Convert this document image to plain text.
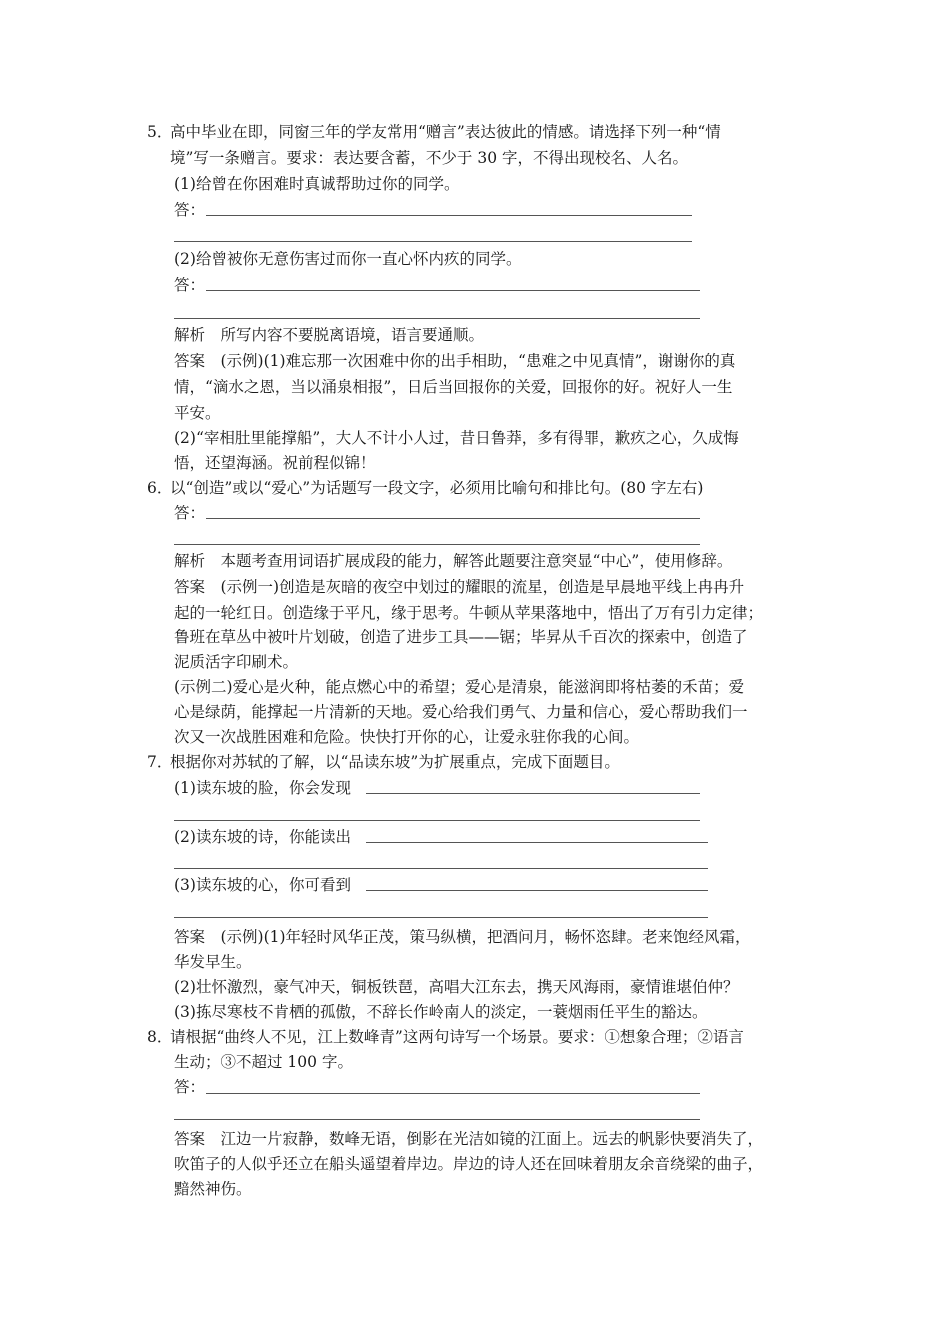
5．
高中毕业在即，同窗三年的学友常用“赠言”表达彼此的情感。请选择下列一种“情
境”写一条赠言。要求：表达要含蓄，不少于 30 字，不得出现校名、人名。
(1)给曾在你困难时真诚帮助过你的同学。
答：
(2)给曾被你无意伤害过而你一直心怀内疚的同学。
答：
解析　所写内容不要脱离语境，语言要通顺。
答案　(示例)(1)难忘那一次困难中你的出手相助，“患难之中见真情”，谢谢你的真
情，“滴水之恩，当以涌泉相报”，日后当回报你的关爱，回报你的好。祝好人一生
平安。
(2)“宰相肚里能撑船”，大人不计小人过，昔日鲁莽，多有得罪，歉疚之心，久成悔
悟，还望海涵。祝前程似锦！
6．
以“创造”或以“爱心”为话题写一段文字，必须用比喻句和排比句。(80 字左右)
答：
解析　本题考查用词语扩展成段的能力，解答此题要注意突显“中心”，使用修辞。
答案　(示例一)创造是灰暗的夜空中划过的耀眼的流星，创造是早晨地平线上冉冉升
起的一轮红日。创造缘于平凡，缘于思考。牛顿从苹果落地中，悟出了万有引力定律；
鲁班在草丛中被叶片划破，创造了进步工具——锯；毕昇从千百次的探索中，创造了
泥质活字印刷术。
(示例二)爱心是火种，能点燃心中的希望；爱心是清泉，能滋润即将枯萎的禾苗；爱
心是绿荫，能撑起一片清新的天地。爱心给我们勇气、力量和信心，爱心帮助我们一
次又一次战胜困难和危险。快快打开你的心，让爱永驻你我的心间。
7．
根据你对苏轼的了解，以“品读东坡”为扩展重点，完成下面题目。
(1)读东坡的脸，你会发现
(2)读东坡的诗，你能读出
(3)读东坡的心，你可看到
答案　(示例)(1)年轻时风华正茂，策马纵横，把酒问月，畅怀恣肆。老来饱经风霜，
华发早生。
(2)壮怀激烈，豪气冲天，铜板铁琶，高唱大江东去，携天风海雨，豪情谁堪伯仲？
(3)拣尽寒枝不肯栖的孤傲，不辞长作岭南人的淡定，一蓑烟雨任平生的豁达。
8．
请根据“曲终人不见，江上数峰青”这两句诗写一个场景。要求：①想象合理；②语言
生动；③不超过 100 字。
答：
答案　江边一片寂静，数峰无语，倒影在光洁如镜的江面上。远去的帆影快要消失了，
吹笛子的人似乎还立在船头遥望着岸边。岸边的诗人还在回味着朋友余音绕梁的曲子，
黯然神伤。
